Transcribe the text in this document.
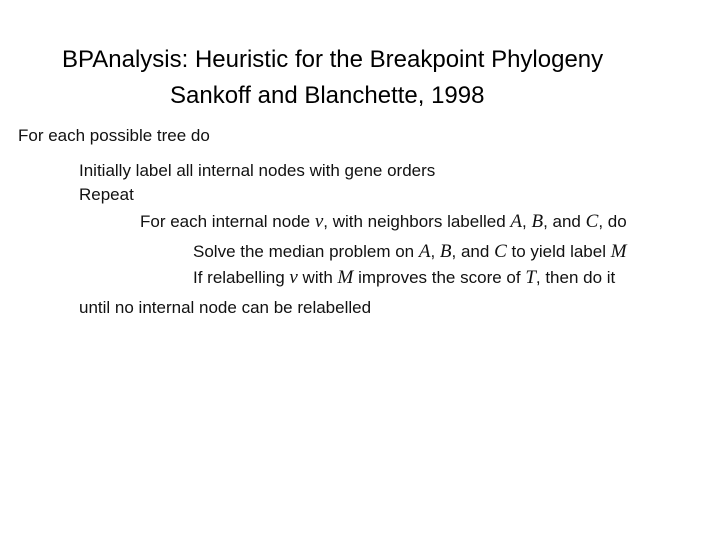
BPAnalysis: Heuristic for the Breakpoint Phylogeny
Sankoff and Blanchette, 1998
For each possible tree do
Initially label all internal nodes with gene orders
Repeat
For each internal node v, with neighbors labelled A, B, and C, do
Solve the median problem on A, B, and C to yield label M
If relabelling v with M improves the score of T, then do it
until no internal node can be relabelled
